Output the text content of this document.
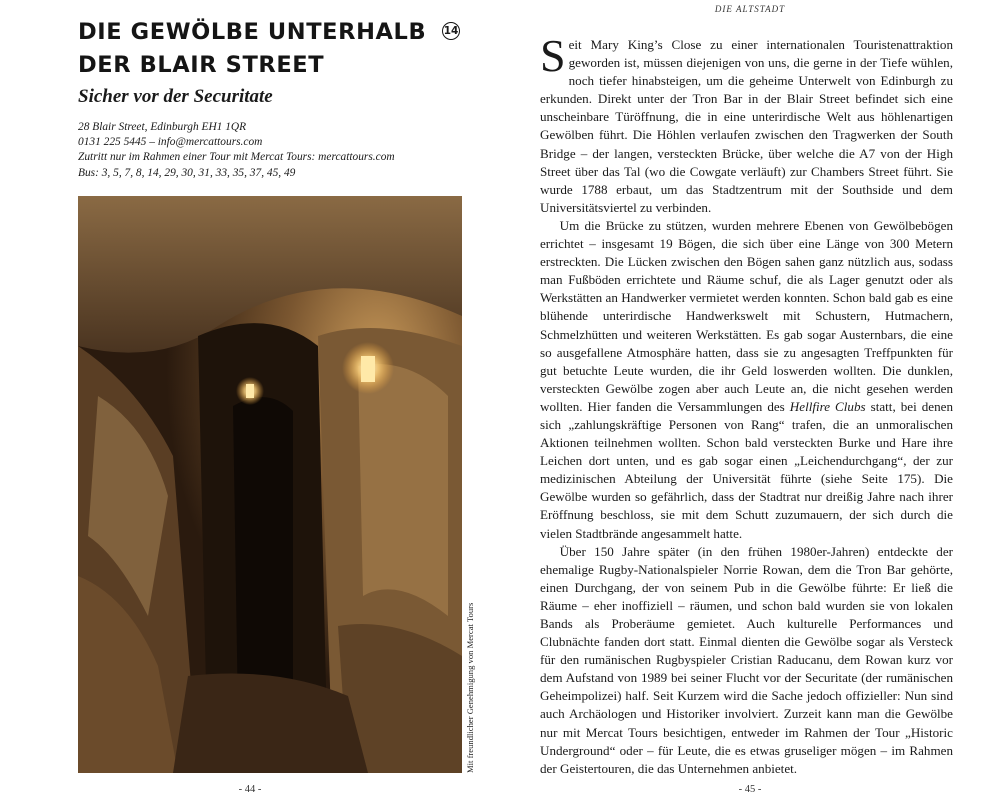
DIE GEWÖLBE UNTERHALB DER BLAIR STREET
14
Sicher vor der Securitate
28 Blair Street, Edinburgh EH1 1QR
0131 225 5445 – info@mercattours.com
Zutritt nur im Rahmen einer Tour mit Mercat Tours: mercattours.com
Bus: 3, 5, 7, 8, 14, 29, 30, 31, 33, 35, 37, 45, 49
Mit freundlicher Genehmigung von Mercat Tours
- 44 -
DIE ALTSTADT
- 45 -

Seit Mary King’s Close zu einer internationalen Touristenattraktion geworden ist, müssen diejenigen von uns, die gerne in der Tiefe wühlen, noch tiefer hinabsteigen, um die geheime Unterwelt von Edinburgh zu erkunden. Direkt unter der Tron Bar in der Blair Street befindet sich eine unscheinbare Türöffnung, die in eine unterirdische Welt aus höhlenartigen Gewölben führt. Die Höhlen verlaufen zwischen den Tragwerken der South Bridge – der langen, versteckten Brücke, über welche die A7 von der High Street über das Tal (wo die Cowgate verläuft) zur Chambers Street führt. Sie wurde 1788 erbaut, um das Stadtzentrum mit der Southside und dem Universitätsviertel zu verbinden.

Um die Brücke zu stützen, wurden mehrere Ebenen von Gewölbebögen errichtet – insgesamt 19 Bögen, die sich über eine Länge von 300 Metern erstreckten. Die Lücken zwischen den Bögen sahen ganz nützlich aus, sodass man Fußböden errichtete und Räume schuf, die als Lager genutzt oder als Werkstätten an Handwerker vermietet werden konnten. Schon bald gab es eine blühende unterirdische Handwerkswelt mit Schustern, Hutmachern, Schmelzhütten und weiteren Werkstätten. Es gab sogar Austernbars, die eine so ausgefallene Atmosphäre hatten, dass sie zu angesagten Treffpunkten für gut betuchte Leute wurden, die ihr Geld loswerden wollten. Die dunklen, versteckten Gewölbe zogen aber auch Leute an, die nicht gesehen werden wollten. Hier fanden die Versammlungen des Hellfire Clubs statt, bei denen sich „zahlungskräftige Personen von Rang“ trafen, die an unmoralischen Aktionen teilnehmen wollten. Schon bald versteckten Burke und Hare ihre Leichen dort unten, und es gab sogar einen „Leichendurchgang“, der zur medizinischen Abteilung der Universität führte (siehe Seite 175). Die Gewölbe wurden so gefährlich, dass der Stadtrat nur dreißig Jahre nach ihrer Eröffnung beschloss, sie mit dem Schutt zuzumauern, der sich durch die vielen Stadtbrände angesammelt hatte.

Über 150 Jahre später (in den frühen 1980er-Jahren) entdeckte der ehemalige Rugby-Nationalspieler Norrie Rowan, dem die Tron Bar gehörte, einen Durchgang, der von seinem Pub in die Gewölbe führte: Er ließ die Räume – eher inoffiziell – räumen, und schon bald wurden sie von lokalen Bands als Proberäume gemietet. Auch kulturelle Performances und Clubnächte fanden dort statt. Einmal dienten die Gewölbe sogar als Versteck für den rumänischen Rugbyspieler Cristian Raducanu, dem Rowan kurz vor dem Aufstand von 1989 bei seiner Flucht vor der Securitate (der rumänischen Geheimpolizei) half. Seit Kurzem wird die Sache jedoch offizieller: Nun sind auch Archäologen und Historiker involviert. Zurzeit kann man die Gewölbe nur mit Mercat Tours besichtigen, entweder im Rahmen der Tour „Historic Underground“ oder – für Leute, die es etwas gruseliger mögen – im Rahmen der Geistertouren, die das Unternehmen anbietet.
